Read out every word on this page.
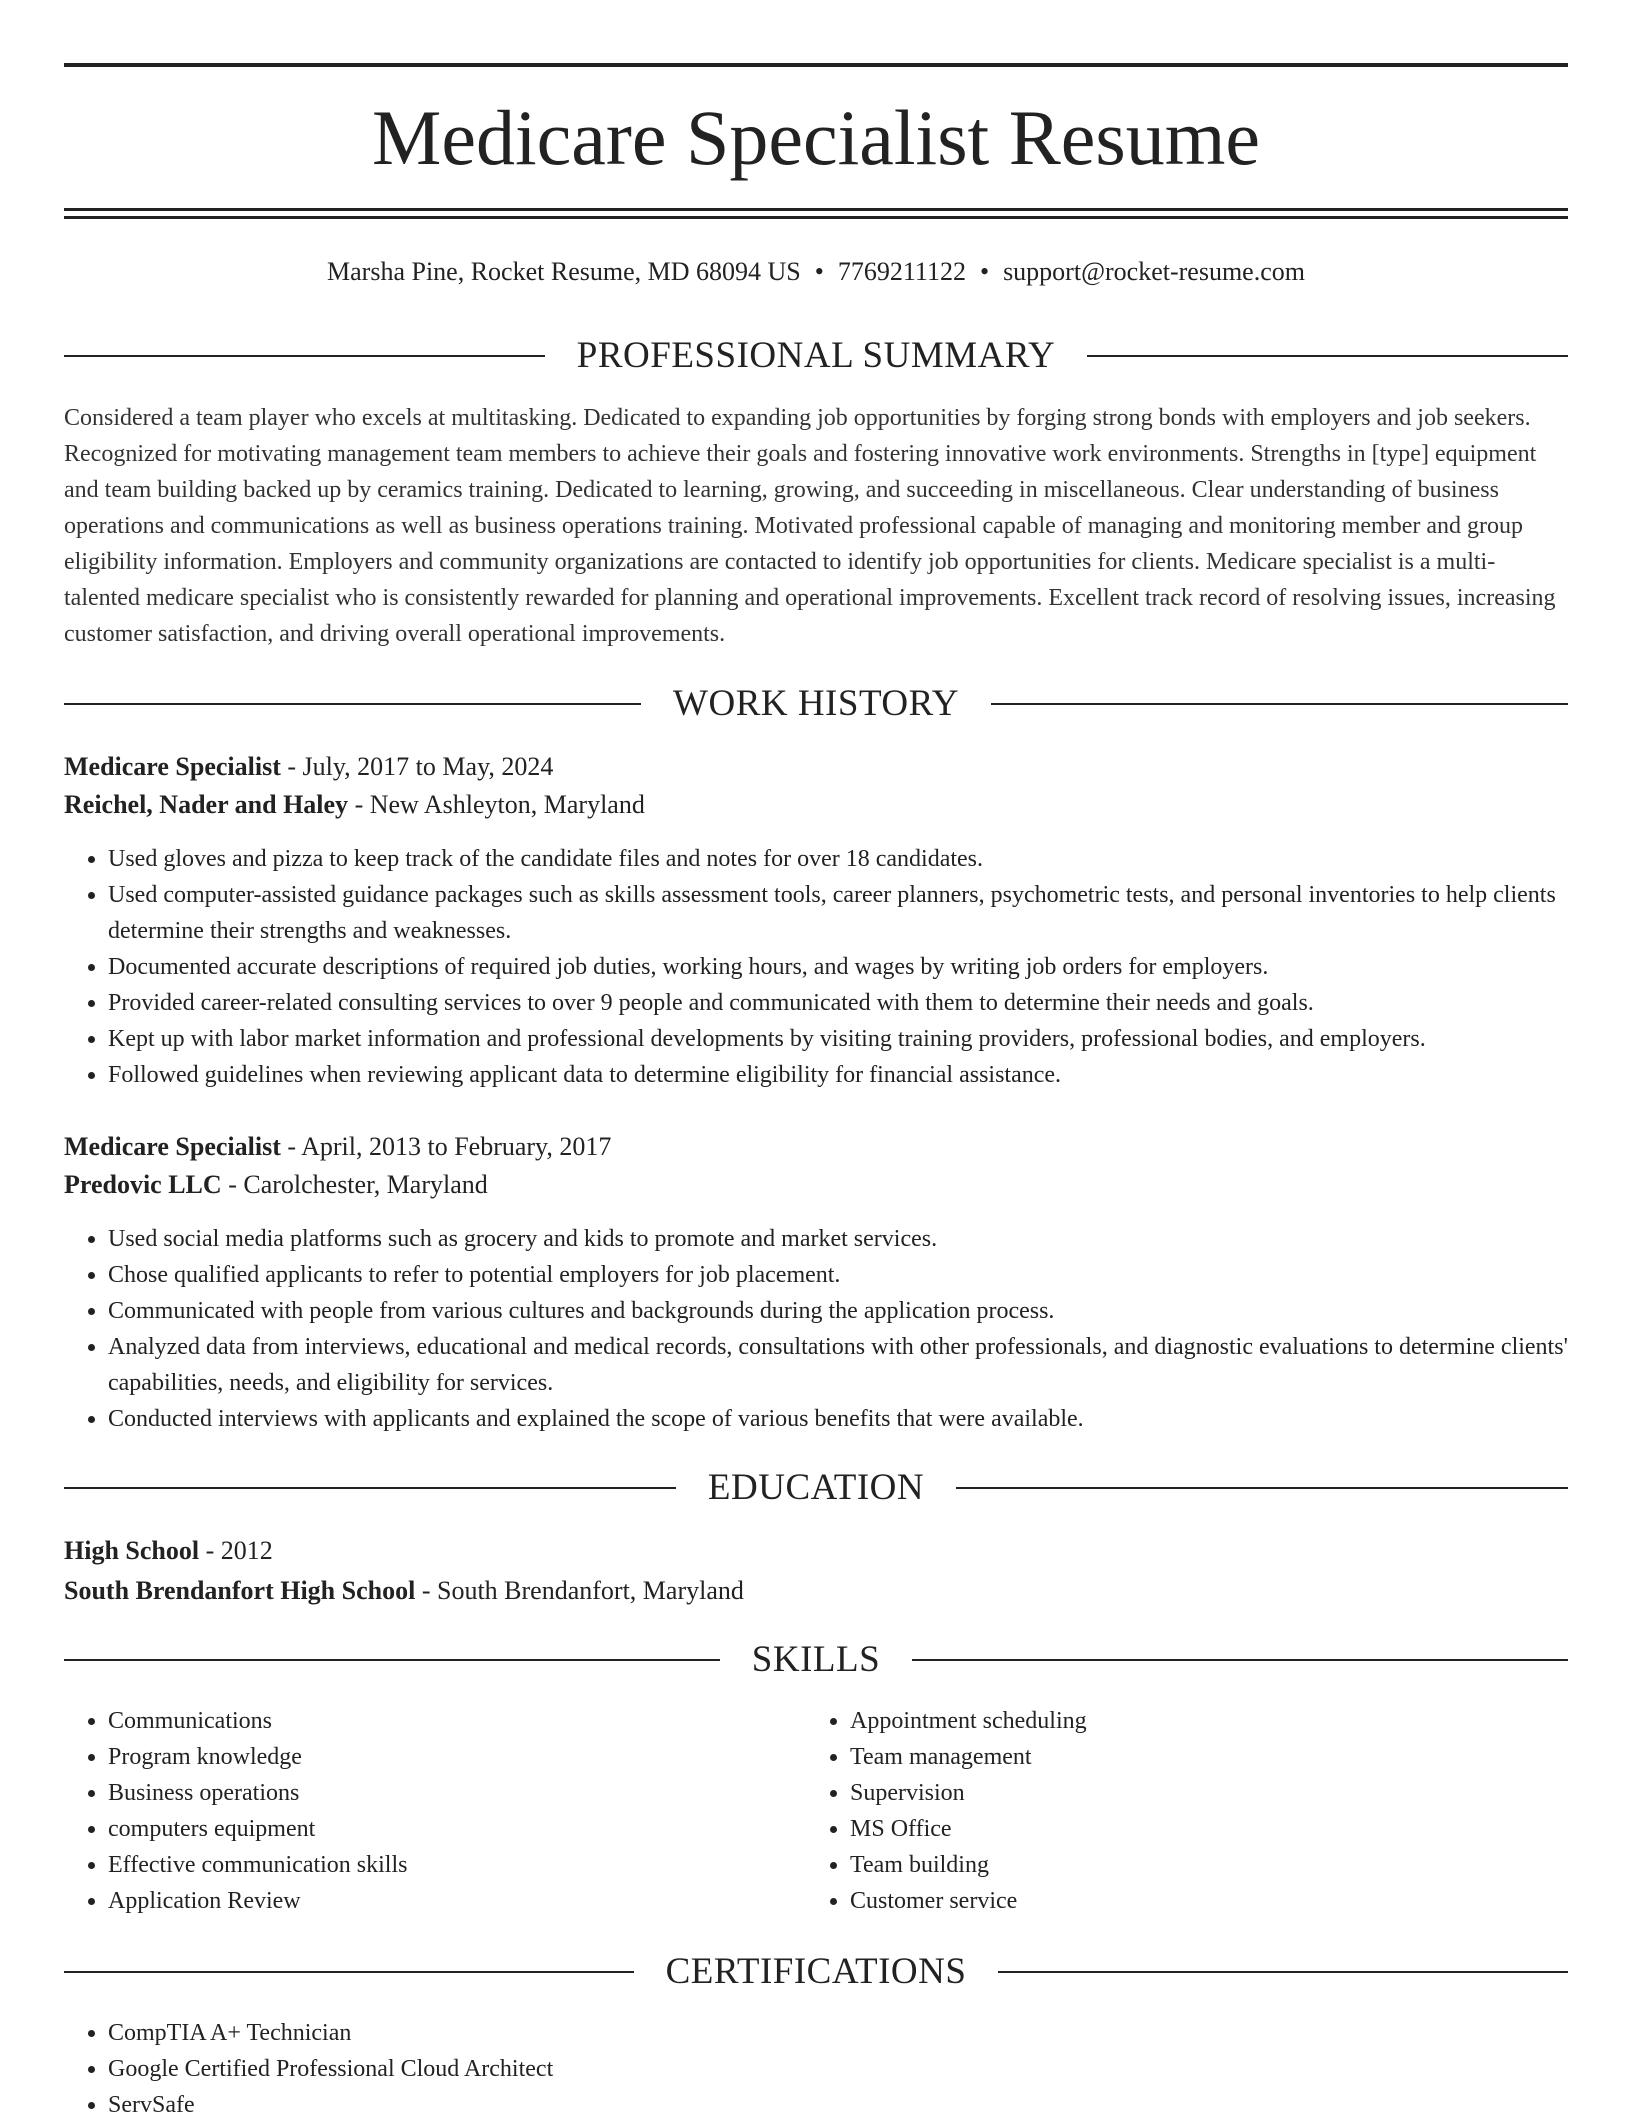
Medicare Specialist Resume
Marsha Pine, Rocket Resume, MD 68094 US • 7769211122 • support@rocket-resume.com
PROFESSIONAL SUMMARY

Considered a team player who excels at multitasking. Dedicated to expanding job opportunities by forging strong bonds with employers and job seekers. Recognized for motivating management team members to achieve their goals and fostering innovative work environments. Strengths in [type] equipment and team building backed up by ceramics training. Dedicated to learning, growing, and succeeding in miscellaneous. Clear understanding of business operations and communications as well as business operations training. Motivated professional capable of managing and monitoring member and group eligibility information. Employers and community organizations are contacted to identify job opportunities for clients. Medicare specialist is a multi-talented medicare specialist who is consistently rewarded for planning and operational improvements. Excellent track record of resolving issues, increasing customer satisfaction, and driving overall operational improvements.

WORK HISTORY
Medicare Specialist - July, 2017 to May, 2024
Reichel, Nader and Haley - New Ashleyton, Maryland
• Used gloves and pizza to keep track of the candidate files and notes for over 18 candidates.
• Used computer-assisted guidance packages such as skills assessment tools, career planners, psychometric tests, and personal inventories to help clients determine their strengths and weaknesses.
• Documented accurate descriptions of required job duties, working hours, and wages by writing job orders for employers.
• Provided career-related consulting services to over 9 people and communicated with them to determine their needs and goals.
• Kept up with labor market information and professional developments by visiting training providers, professional bodies, and employers.
• Followed guidelines when reviewing applicant data to determine eligibility for financial assistance.
Medicare Specialist - April, 2013 to February, 2017
Predovic LLC - Carolchester, Maryland
• Used social media platforms such as grocery and kids to promote and market services.
• Chose qualified applicants to refer to potential employers for job placement.
• Communicated with people from various cultures and backgrounds during the application process.
• Analyzed data from interviews, educational and medical records, consultations with other professionals, and diagnostic evaluations to determine clients' capabilities, needs, and eligibility for services.
• Conducted interviews with applicants and explained the scope of various benefits that were available.
EDUCATION
High School - 2012
South Brendanfort High School - South Brendanfort, Maryland
SKILLS
• Communications
• Program knowledge
• Business operations
• computers equipment
• Effective communication skills
• Application Review
• Appointment scheduling
• Team management
• Supervision
• MS Office
• Team building
• Customer service
CERTIFICATIONS
• CompTIA A+ Technician
• Google Certified Professional Cloud Architect
• ServSafe
